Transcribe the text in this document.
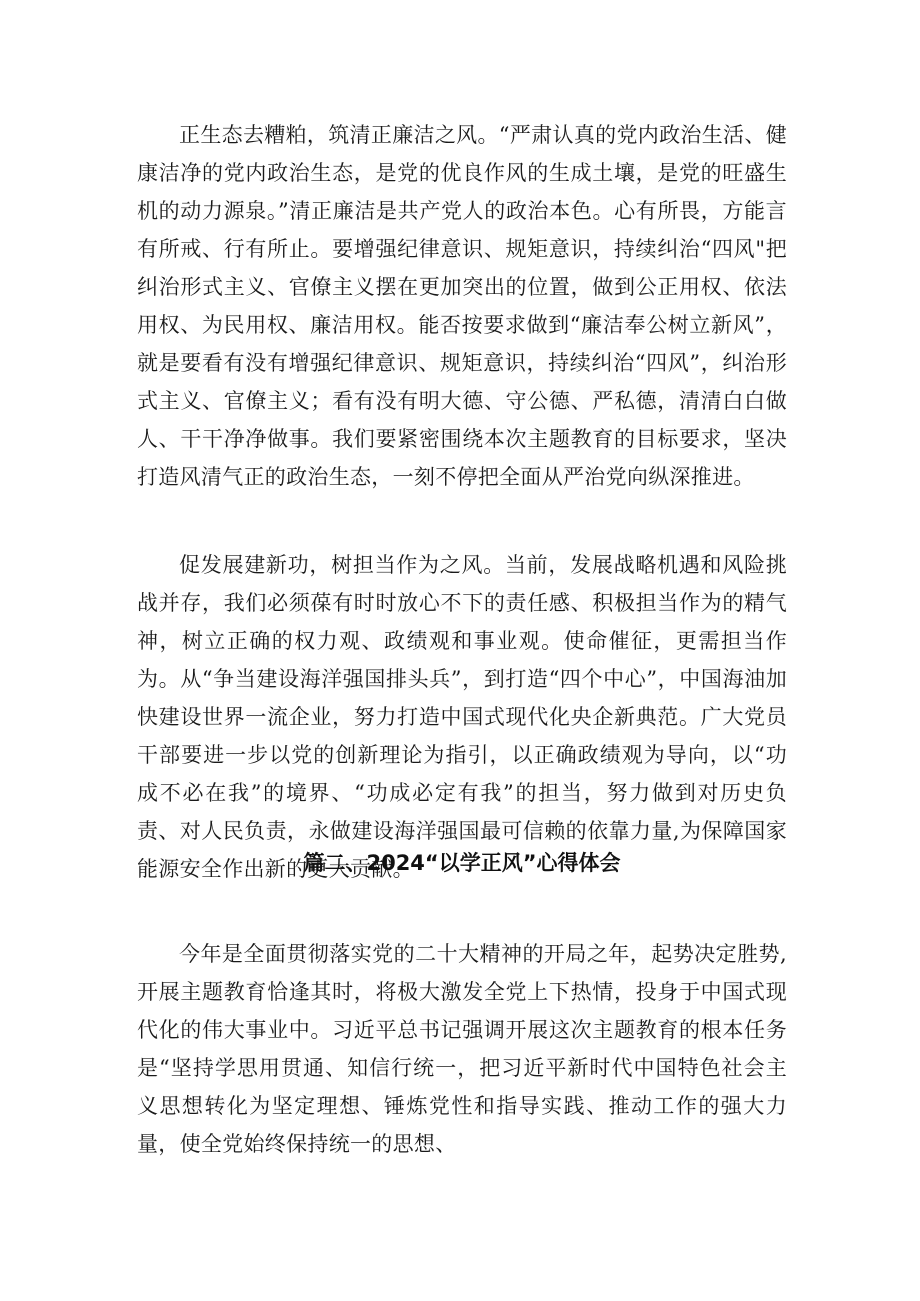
正生态去糟粕，筑清正廉洁之风。“严肃认真的党内政治生活、健康洁净的党内政治生态，是党的优良作风的生成土壤，是党的旺盛生机的动力源泉。”清正廉洁是共产党人的政治本色。心有所畏，方能言有所戒、行有所止。要增强纪律意识、规矩意识，持续纠治“四风"把纠治形式主义、官僚主义摆在更加突出的位置，做到公正用权、依法用权、为民用权、廉洁用权。能否按要求做到“廉洁奉公树立新风”，就是要看有没有增强纪律意识、规矩意识，持续纠治“四风”，纠治形式主义、官僚主义；看有没有明大德、守公德、严私德，清清白白做人、干干净净做事。我们要紧密围绕本次主题教育的目标要求，坚决打造风清气正的政治生态，一刻不停把全面从严治党向纵深推进。

促发展建新功，树担当作为之风。当前，发展战略机遇和风险挑战并存，我们必须葆有时时放心不下的责任感、积极担当作为的精气神，树立正确的权力观、政绩观和事业观。使命催征，更需担当作为。从“争当建设海洋强国排头兵”，到打造“四个中心”，中国海油加快建设世界一流企业，努力打造中国式现代化央企新典范。广大党员干部要进一步以党的创新理论为指引，以正确政绩观为导向，以“功成不必在我”的境界、“功成必定有我”的担当，努力做到对历史负责、对人民负责，永做建设海洋强国最可信赖的依靠力量,为保障国家能源安全作出新的更大贡献。

篇二、2024“以学正风”心得体会

今年是全面贯彻落实党的二十大精神的开局之年，起势决定胜势,开展主题教育恰逢其时，将极大激发全党上下热情，投身于中国式现代化的伟大事业中。习近平总书记强调开展这次主题教育的根本任务是“坚持学思用贯通、知信行统一，把习近平新时代中国特色社会主义思想转化为坚定理想、锤炼党性和指导实践、推动工作的强大力量，使全党始终保持统一的思想、
